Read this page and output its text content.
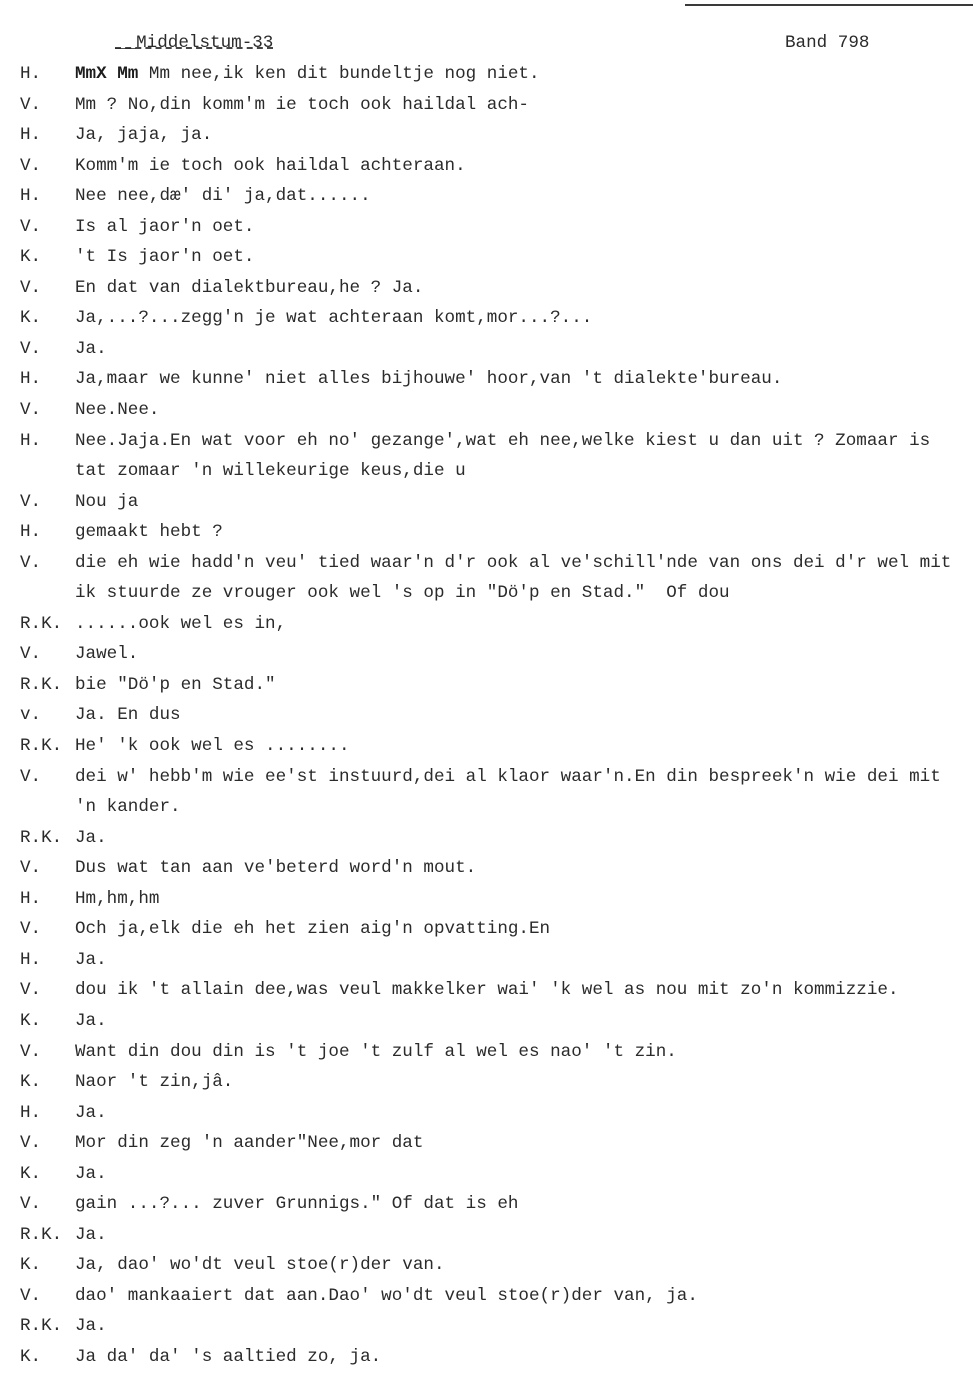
__Middelstum-33	Band 798
H. MmX Mm Mm nee,ik ken dit bundeltje nog niet.
V. Mm ? No,din komm'm ie toch ook haildal ach-
H. Ja, jaja, ja.
V. Komm'm ie toch ook haildal achteraan.
H. Nee nee,dæ' di' ja,dat......
V. Is al jaor'n oet.
K. 't Is jaor'n oet.
V. En dat van dialektbureau,he ? Ja.
K. Ja,...?...zegg'n je wat achteraan komt,mor...?...
V. Ja.
H. Ja,maar we kunne' niet alles bijhouwe' hoor,van 't dialekte'bureau.
V. Nee.Nee.
H. Nee.Jaja.En wat voor eh no' gezange',wat eh nee,welke kiest u dan uit ? Zomaar is
tat zomaar 'n willekeurige keus,die u
V. Nou ja
H. gemaakt hebt ?
V. die eh wie hadd'n veu' tied waar'n d'r ook al ve'schill'nde van ons dei d'r wel mit
ik stuurde ze vrouger ook wel 's op in "Dö'p en Stad."  Of dou
R.K. ......ook wel es in,
V. Jawel.
R.K. bie "Dö'p en Stad."
v. Ja. En dus
R.K. He' 'k ook wel es ........
V. dei w' hebb'm wie ee'st instuurd,dei al klaor waar'n.En din bespreek'n wie dei mit
'n kander.
R.K. Ja.
V. Dus wat tan aan ve'beterd word'n mout.
H. Hm,hm,hm
V. Och ja,elk die eh het zien aig'n opvatting.En
H. Ja.
V. dou ik 't allain dee,was veul makkelker wai' 'k wel as nou mit zo'n kommizzie.
K. Ja.
V. Want din dou din is 't joe 't zulf al wel es nao' 't zin.
K. Naor 't zin,jâ.
H. Ja.
V. Mor din zeg 'n aander"Nee,mor dat
K. Ja.
V. gain ...?... zuver Grunnigs." Of dat is eh
R.K. Ja.
K. Ja, dao' wo'dt veul stoe(r)der van.
V. dao' mankaaiert dat aan.Dao' wo'dt veul stoe(r)der van, ja.
R.K. Ja.
K. Ja da' da' 's aaltied zo, ja.
